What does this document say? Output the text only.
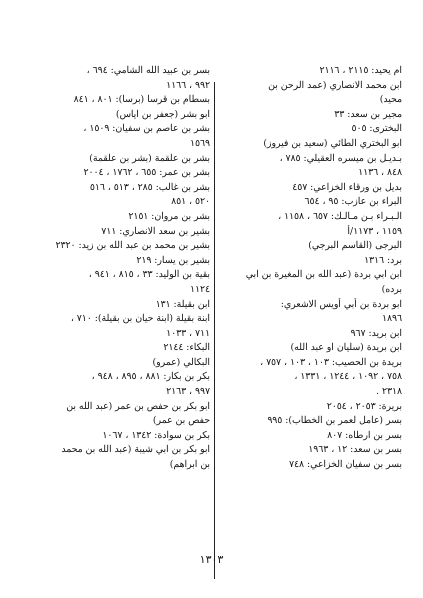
ام يحيد: ٢١١٥ ، ٢١١٦
ابن محمد الانصاري (عمد الرحن بن
محيد)
مجير بن سعد: ٣٣
البخترى: ٥٠٥
ابو البختري الطائي (سعيد بن فيروز)
بـديـل بن ميسره العقيلي: ٧٨٥ ،
٨٤٨ ، ١١٣٦
بديل بن ورقاء الخزاعي: ٤٥٧
البراء بن عازب: ٩٥ ، ٦٥٤
الـبـراء بـن مـالـك: ٦٥٧ ، ١١٥٨ ،
١١٥٩ ، ١١٧٣/أ
البرجى (القاسم البرجي)
برد: ١٣١٦
ابن ابي بردة (عبد الله بن المغيرة بن ابي
برده)
ابو بردة بن أبي أويس الاشعري:
١٨٩٦
ابن بريد: ٩٦٧
ابن بريدة (سليان او عبد الله)
بريدة بن الحصيب: ١٠٣ ، ١٠٣ ، ٧٥٧ ،
٧٥٨ ، ١٠٩٢ ، ١٢٤٤ ، ١٣٣١ ،
٢٣١٨ .
بريرة: ٢٠٥٣ ، ٢٠٥٤
بسر (عامل لعمر بن الخطاب): ٩٩٥
بسر بن ارطاه: ٨٠٧
بسر بن سعد: ١٢ ، ١٩٦٣
بسر بن سفيان الخزاعي: ٧٤٨
بسر بن عبيد الله الشامي: ٦٩٤ ،
٩٩٢ ، ١١٦٦
بسطام بن قرسا (برسا): ٨٠١ ، ٨٤١
ابو بشر (جعفر بن اياس)
بشر بن عاصم بن سفيان: ١٥٠٩ ،
١٥٦٩
بشر بن علقمة (بشر بن علقمة)
بشر بن عمر: ٦٥٥ ، ١٧٦٢ ، ٢٠٠٤
بشر بن غالب: ٢٨٥ ، ٥١٣ ، ٥١٦
٥٢٠ ، ٨٥١
بشر بن مروان: ٢١٥١
بشير بن سعد الانصاري: ٧١١
بشير بن محمد بن عبد الله بن زيد: ٢٣٢٠
بشير بن يسار: ٢١٩
بقية بن الوليد: ٣٣ ، ٨١٥ ، ٩٤١ ،
١١٢٤
ابن بقيلة: ١٣١
ابنة بقيلة (ابنة حيان بن بقيلة): ٧١٠ ،
٧١١ ، ١٠٣٣
البكاء: ٢١٤٤
البكالي (عمرو)
بكر بن بكار: ٨٨١ ، ٨٩٥ ، ٩٤٨ ،
٩٩٧ ، ٢١٦٣
ابو بكر بن حفص بن عمر (عبد الله بن
حفص بن عمر)
بكر بن سوادة: ١٣٤٢ ، ١٠٦٧
ابو بكر بن ابي شيبة (عبد الله بن محمد
بن ابراهم)
١٣٠٣
